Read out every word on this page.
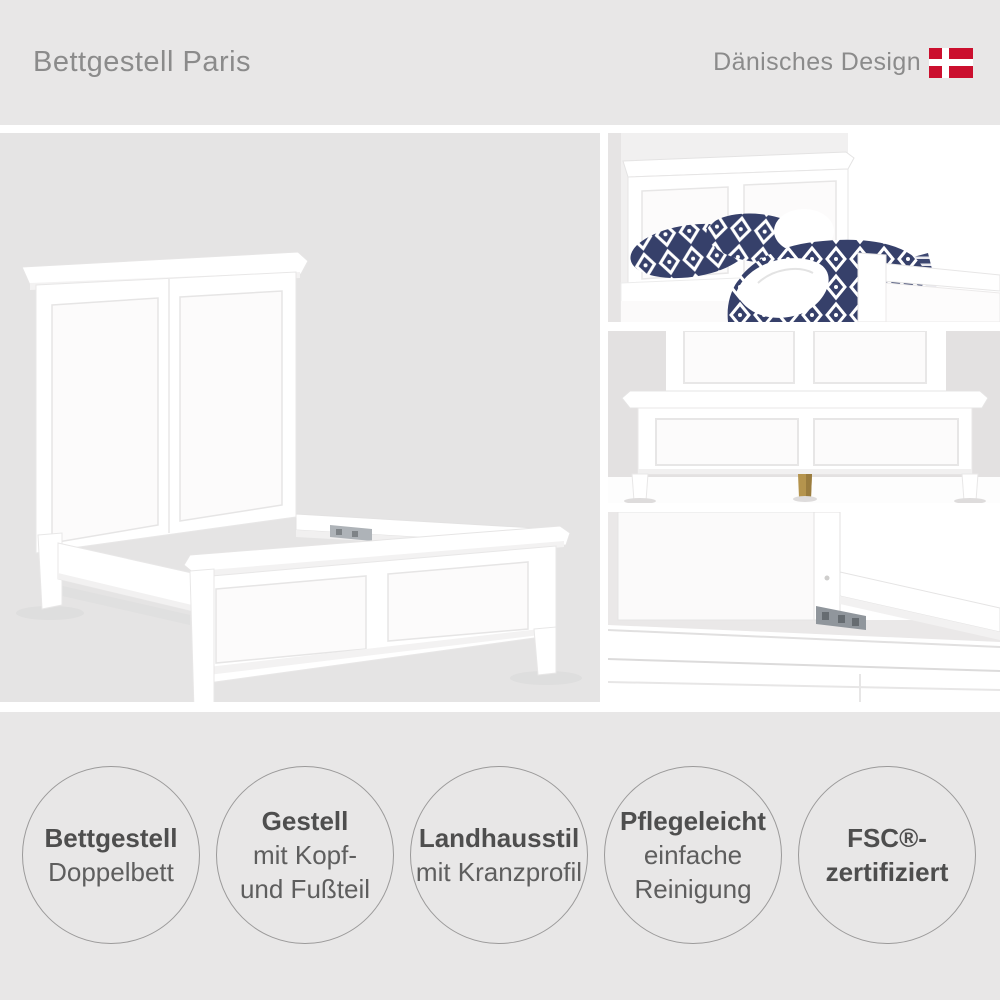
Bettgestell Paris	Dänisches Design
Bettgestell
Doppelbett
Gestell
mit Kopf-
und Fußteil
Landhausstil
mit Kranzprofil
Pflegeleicht
einfache
Reinigung
FSC®-
zertifiziert
